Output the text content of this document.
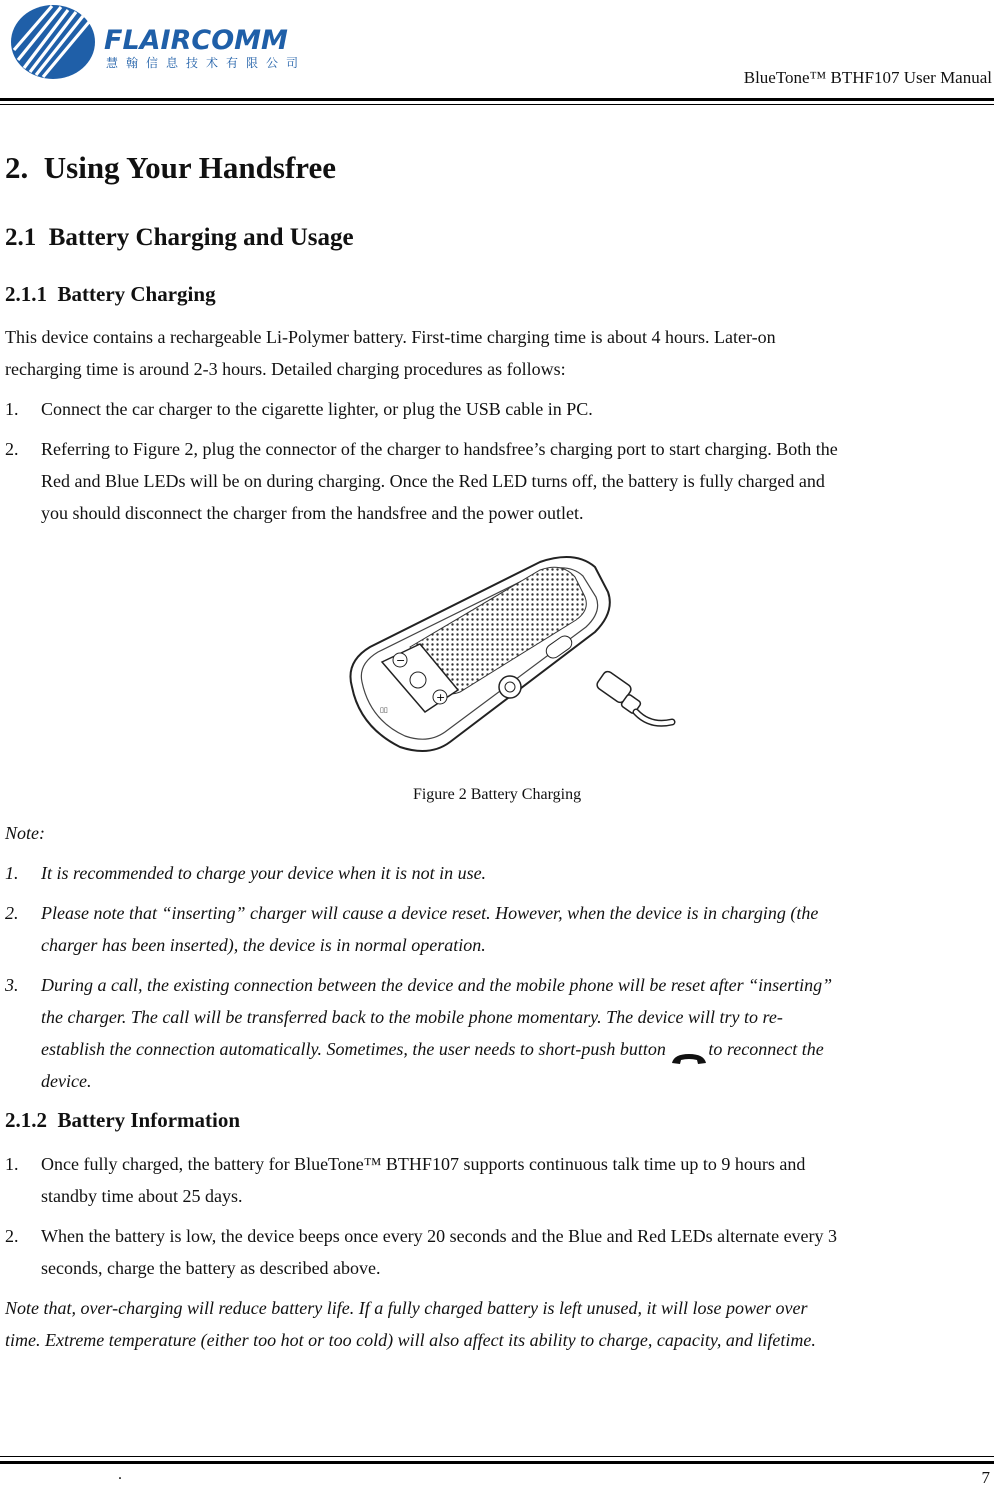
FLAIRCOMM
慧翰信息技术有限公司
BlueTone™ BTHF107 User Manual
2. Using Your Handsfree
2.1 Battery Charging and Usage
2.1.1 Battery Charging
This device contains a rechargeable Li-Polymer battery. First-time charging time is about 4 hours. Later-on
recharging time is around 2-3 hours. Detailed charging procedures as follows:
1. Connect the car charger to the cigarette lighter, or plug the USB cable in PC.
2. Referring to Figure 2, plug the connector of the charger to handsfree’s charging port to start charging. Both the
Red and Blue LEDs will be on during charging. Once the Red LED turns off, the battery is fully charged and
you should disconnect the charger from the handsfree and the power outlet.
−
+
▯▯
Figure 2 Battery Charging
Note:
1. It is recommended to charge your device when it is not in use.
2. Please note that “inserting” charger will cause a device reset. However, when the device is in charging (the
charger has been inserted), the device is in normal operation.
3. During a call, the existing connection between the device and the mobile phone will be reset after “inserting”
the charger. The call will be transferred back to the mobile phone momentary. The device will try to re-
establish the connection automatically. Sometimes, the user needs to short-push button to reconnect the
device.
2.1.2 Battery Information
1. Once fully charged, the battery for BlueTone™ BTHF107 supports continuous talk time up to 9 hours and
standby time about 25 days.
2. When the battery is low, the device beeps once every 20 seconds and the Blue and Red LEDs alternate every 3
seconds, charge the battery as described above.
Note that, over-charging will reduce battery life. If a fully charged battery is left unused, it will lose power over
time. Extreme temperature (either too hot or too cold) will also affect its ability to charge, capacity, and lifetime.
.	7
